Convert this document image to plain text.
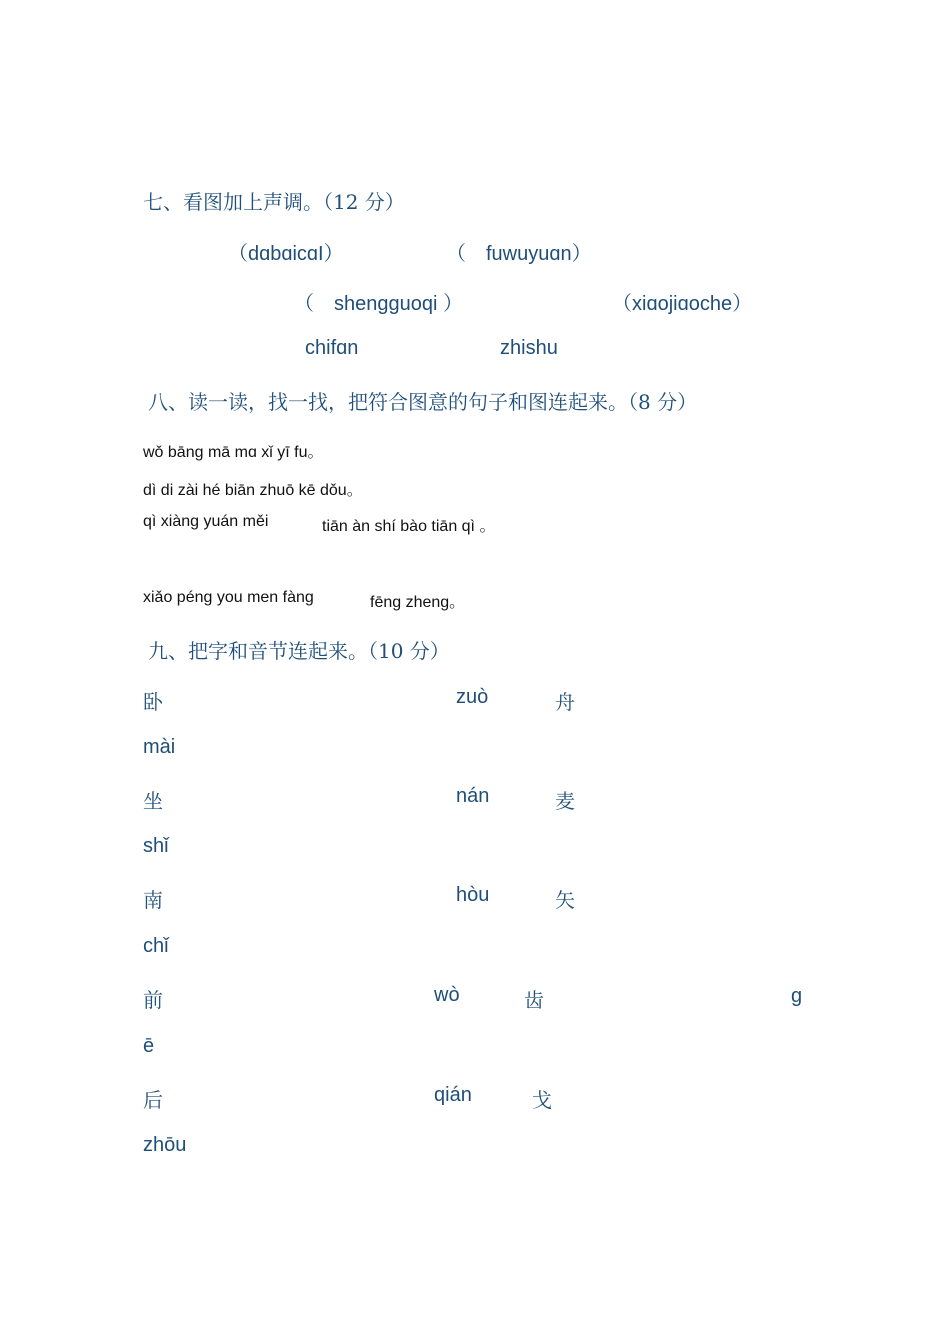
七、看图加上声调。（12 分）
（dɑbɑicɑI）	（　fuwuyuɑn）
（　shenɡɡuoqi ）	（xiɑojiɑoche）
chifɑn	zhishu
八、读一读，找一找，把符合图意的句子和图连起来。（8 分）
wǒ bānɡ mā mɑ xǐ yī fu。
dì di zài hé biān zhuō kē dǒu。
qì xiànɡ yuán měi	tiān àn shí bào tiān qì 。
xiǎo pénɡ you men fànɡ	fēnɡ zhenɡ。
九、把字和音节连起来。（10 分）
卧	zuò	舟
mài
坐	nán	麦
shǐ
南	hòu	矢
chǐ
前	wò	齿	g
ē
后	qián	戈
zhōu
